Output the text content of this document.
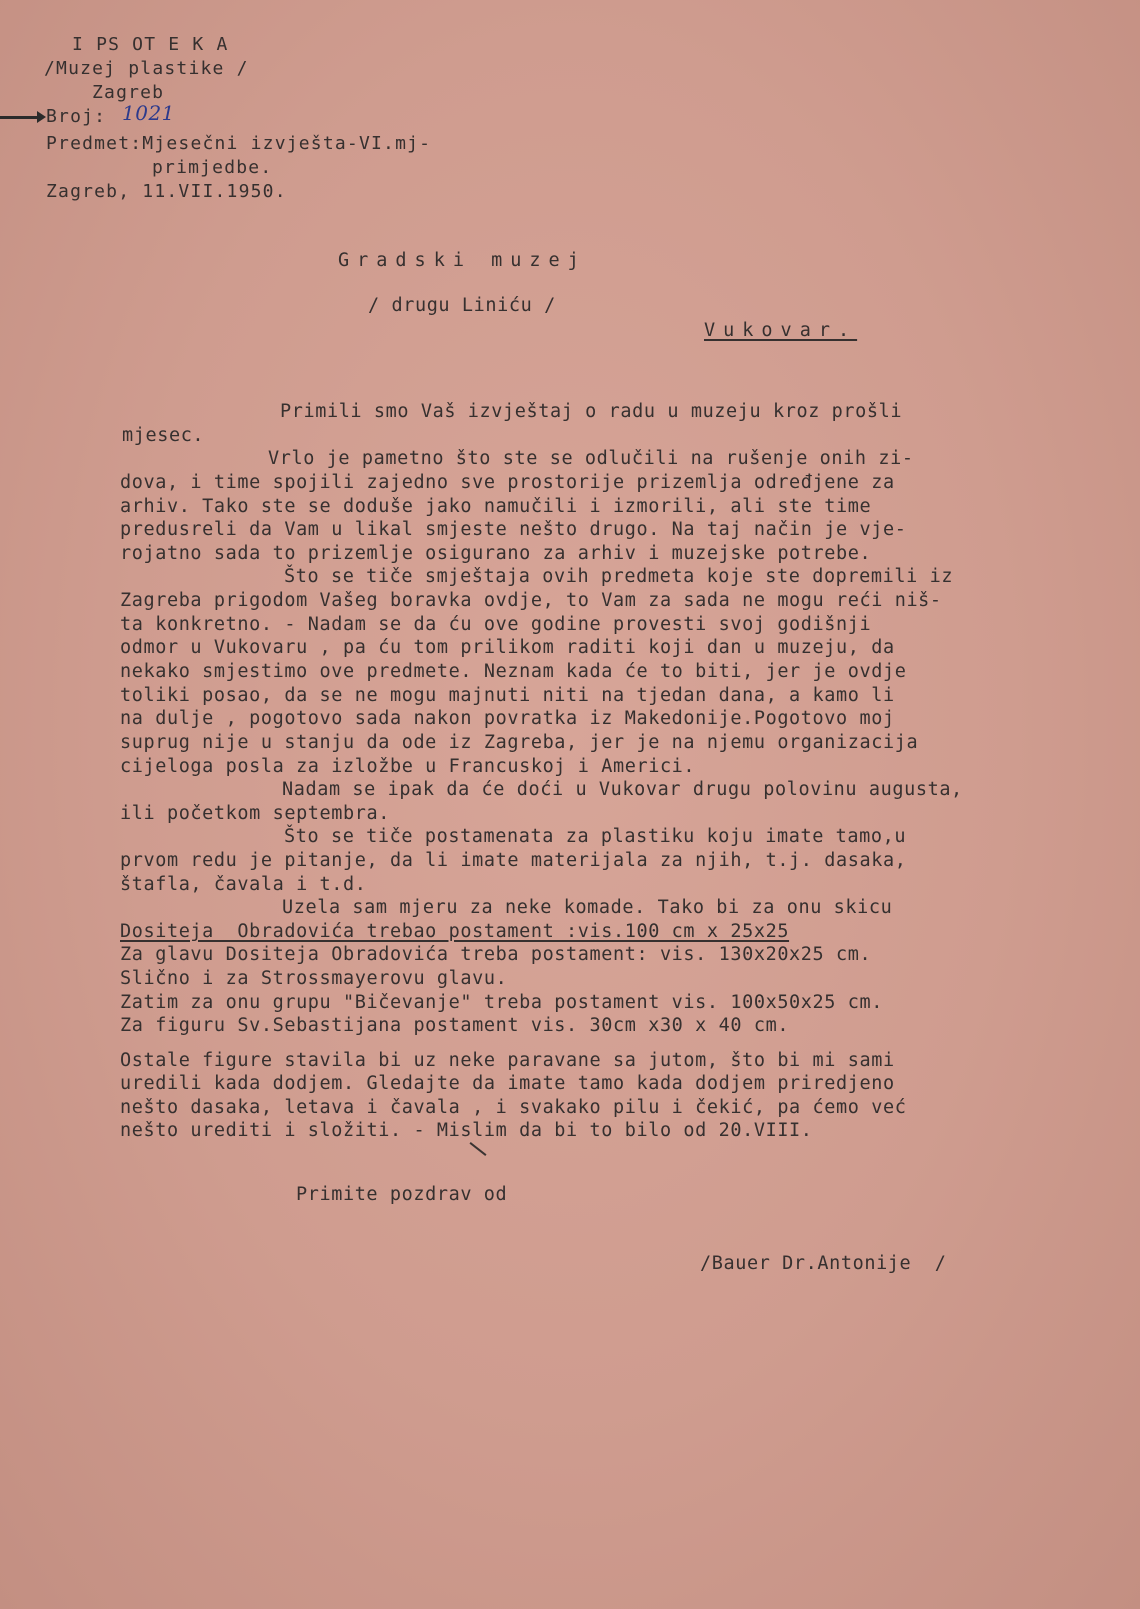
I PS OT E K A
/Muzej plastike /
Zagreb
Broj: 1021
Predmet:Mjesečni izvješta-VI.mj-
primjedbe.
Zagreb, 11.VII.1950.
Gradski muzej
/ drugu Liniću /
Vukovar.
Primili smo Vaš izvještaj o radu u muzeju kroz prošli
mjesec.
Vrlo je pametno što ste se odlučili na rušenje onih zi-
dova, i time spojili zajedno sve prostorije prizemlja određjene za
arhiv. Tako ste se doduše jako namučili i izmorili, ali ste time
predusreli da Vam u likal smjeste nešto drugo. Na taj način je vje-
rojatno sada to prizemlje osigurano za arhiv i muzejske potrebe.
Što se tiče smještaja ovih predmeta koje ste dopremili iz
Zagreba prigodom Vašeg boravka ovdje, to Vam za sada ne mogu reći niš-
ta konkretno. - Nadam se da ću ove godine provesti svoj godišnji
odmor u Vukovaru , pa ću tom prilikom raditi koji dan u muzeju, da
nekako smjestimo ove predmete. Neznam kada će to biti, jer je ovdje
toliki posao, da se ne mogu majnuti niti na tjedan dana, a kamo li
na dulje , pogotovo sada nakon povratka iz Makedonije.Pogotovo moj
suprug nije u stanju da ode iz Zagreba, jer je na njemu organizacija
cijeloga posla za izložbe u Francuskoj i Americi.
Nadam se ipak da će doći u Vukovar drugu polovinu augusta,
ili početkom septembra.
Što se tiče postamenata za plastiku koju imate tamo,u
prvom redu je pitanje, da li imate materijala za njih, t.j. dasaka,
štafla, čavala i t.d.
Uzela sam mjeru za neke komade. Tako bi za onu skicu
Dositeja  Obradovića trebao postament :vis.100 cm x 25x25
Za glavu Dositeja Obradovića treba postament: vis. 130x20x25 cm.
Slično i za Strossmayerovu glavu.
Zatim za onu grupu "Bičevanje" treba postament vis. 100x50x25 cm.
Za figuru Sv.Sebastijana postament vis. 30cm x30 x 40 cm.
Ostale figure stavila bi uz neke paravane sa jutom, što bi mi sami
uredili kada dodjem. Gledajte da imate tamo kada dodjem priredjeno
nešto dasaka, letava i čavala , i svakako pilu i čekić, pa ćemo već
nešto urediti i složiti. - Mislim da bi to bilo od 20.VIII.
Primite pozdrav od
/Bauer Dr.Antonije  /
